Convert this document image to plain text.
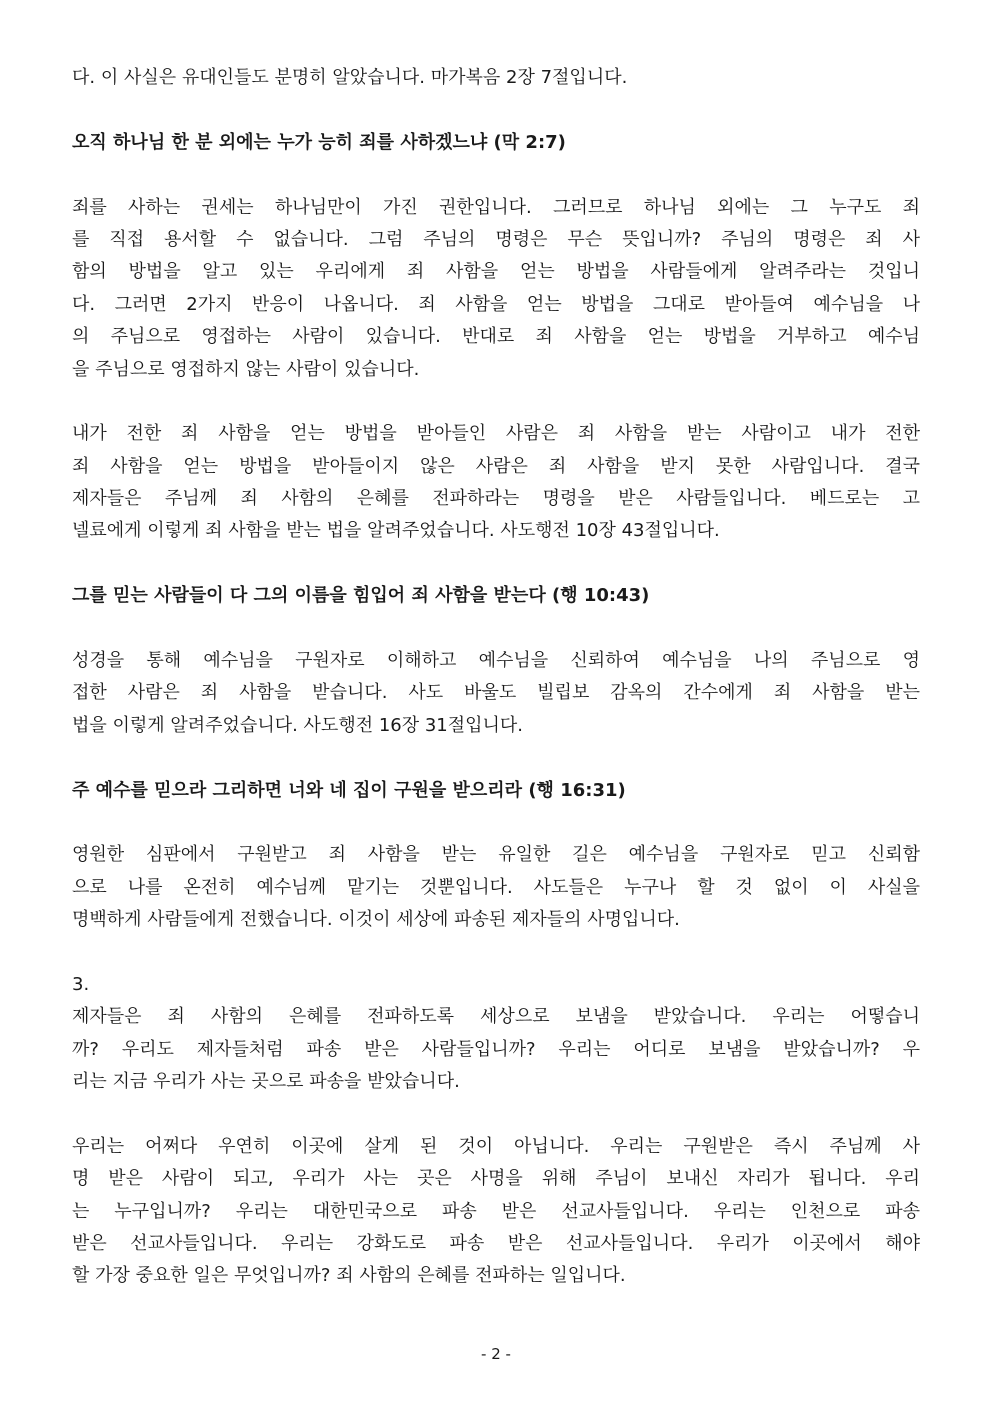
다. 이 사실은 유대인들도 분명히 알았습니다. 마가복음 2장 7절입니다.
오직 하나님 한 분 외에는 누가 능히 죄를 사하겠느냐 (막 2:7)
죄를 사하는 권세는 하나님만이 가진 권한입니다. 그러므로 하나님 외에는 그 누구도 죄
를 직접 용서할 수 없습니다. 그럼 주님의 명령은 무슨 뜻입니까? 주님의 명령은 죄 사
함의 방법을 알고 있는 우리에게 죄 사함을 얻는 방법을 사람들에게 알려주라는 것입니
다. 그러면 2가지 반응이 나옵니다. 죄 사함을 얻는 방법을 그대로 받아들여 예수님을 나
의 주님으로 영접하는 사람이 있습니다. 반대로 죄 사함을 얻는 방법을 거부하고 예수님
을 주님으로 영접하지 않는 사람이 있습니다.
내가 전한 죄 사함을 얻는 방법을 받아들인 사람은 죄 사함을 받는 사람이고 내가 전한
죄 사함을 얻는 방법을 받아들이지 않은 사람은 죄 사함을 받지 못한 사람입니다. 결국
제자들은 주님께 죄 사함의 은혜를 전파하라는 명령을 받은 사람들입니다. 베드로는 고
넬료에게 이렇게 죄 사함을 받는 법을 알려주었습니다. 사도행전 10장 43절입니다.
그를 믿는 사람들이 다 그의 이름을 힘입어 죄 사함을 받는다 (행 10:43)
성경을 통해 예수님을 구원자로 이해하고 예수님을 신뢰하여 예수님을 나의 주님으로 영
접한 사람은 죄 사함을 받습니다. 사도 바울도 빌립보 감옥의 간수에게 죄 사함을 받는
법을 이렇게 알려주었습니다. 사도행전 16장 31절입니다.
주 예수를 믿으라 그리하면 너와 네 집이 구원을 받으리라 (행 16:31)
영원한 심판에서 구원받고 죄 사함을 받는 유일한 길은 예수님을 구원자로 믿고 신뢰함
으로 나를 온전히 예수님께 맡기는 것뿐입니다. 사도들은 누구나 할 것 없이 이 사실을
명백하게 사람들에게 전했습니다. 이것이 세상에 파송된 제자들의 사명입니다.
3.
제자들은 죄 사함의 은혜를 전파하도록 세상으로 보냄을 받았습니다. 우리는 어떻습니
까? 우리도 제자들처럼 파송 받은 사람들입니까? 우리는 어디로 보냄을 받았습니까? 우
리는 지금 우리가 사는 곳으로 파송을 받았습니다.
우리는 어쩌다 우연히 이곳에 살게 된 것이 아닙니다. 우리는 구원받은 즉시 주님께 사
명 받은 사람이 되고, 우리가 사는 곳은 사명을 위해 주님이 보내신 자리가 됩니다. 우리
는 누구입니까? 우리는 대한민국으로 파송 받은 선교사들입니다. 우리는 인천으로 파송
받은 선교사들입니다. 우리는 강화도로 파송 받은 선교사들입니다. 우리가 이곳에서 해야
할 가장 중요한 일은 무엇입니까? 죄 사함의 은혜를 전파하는 일입니다.
- 2 -
